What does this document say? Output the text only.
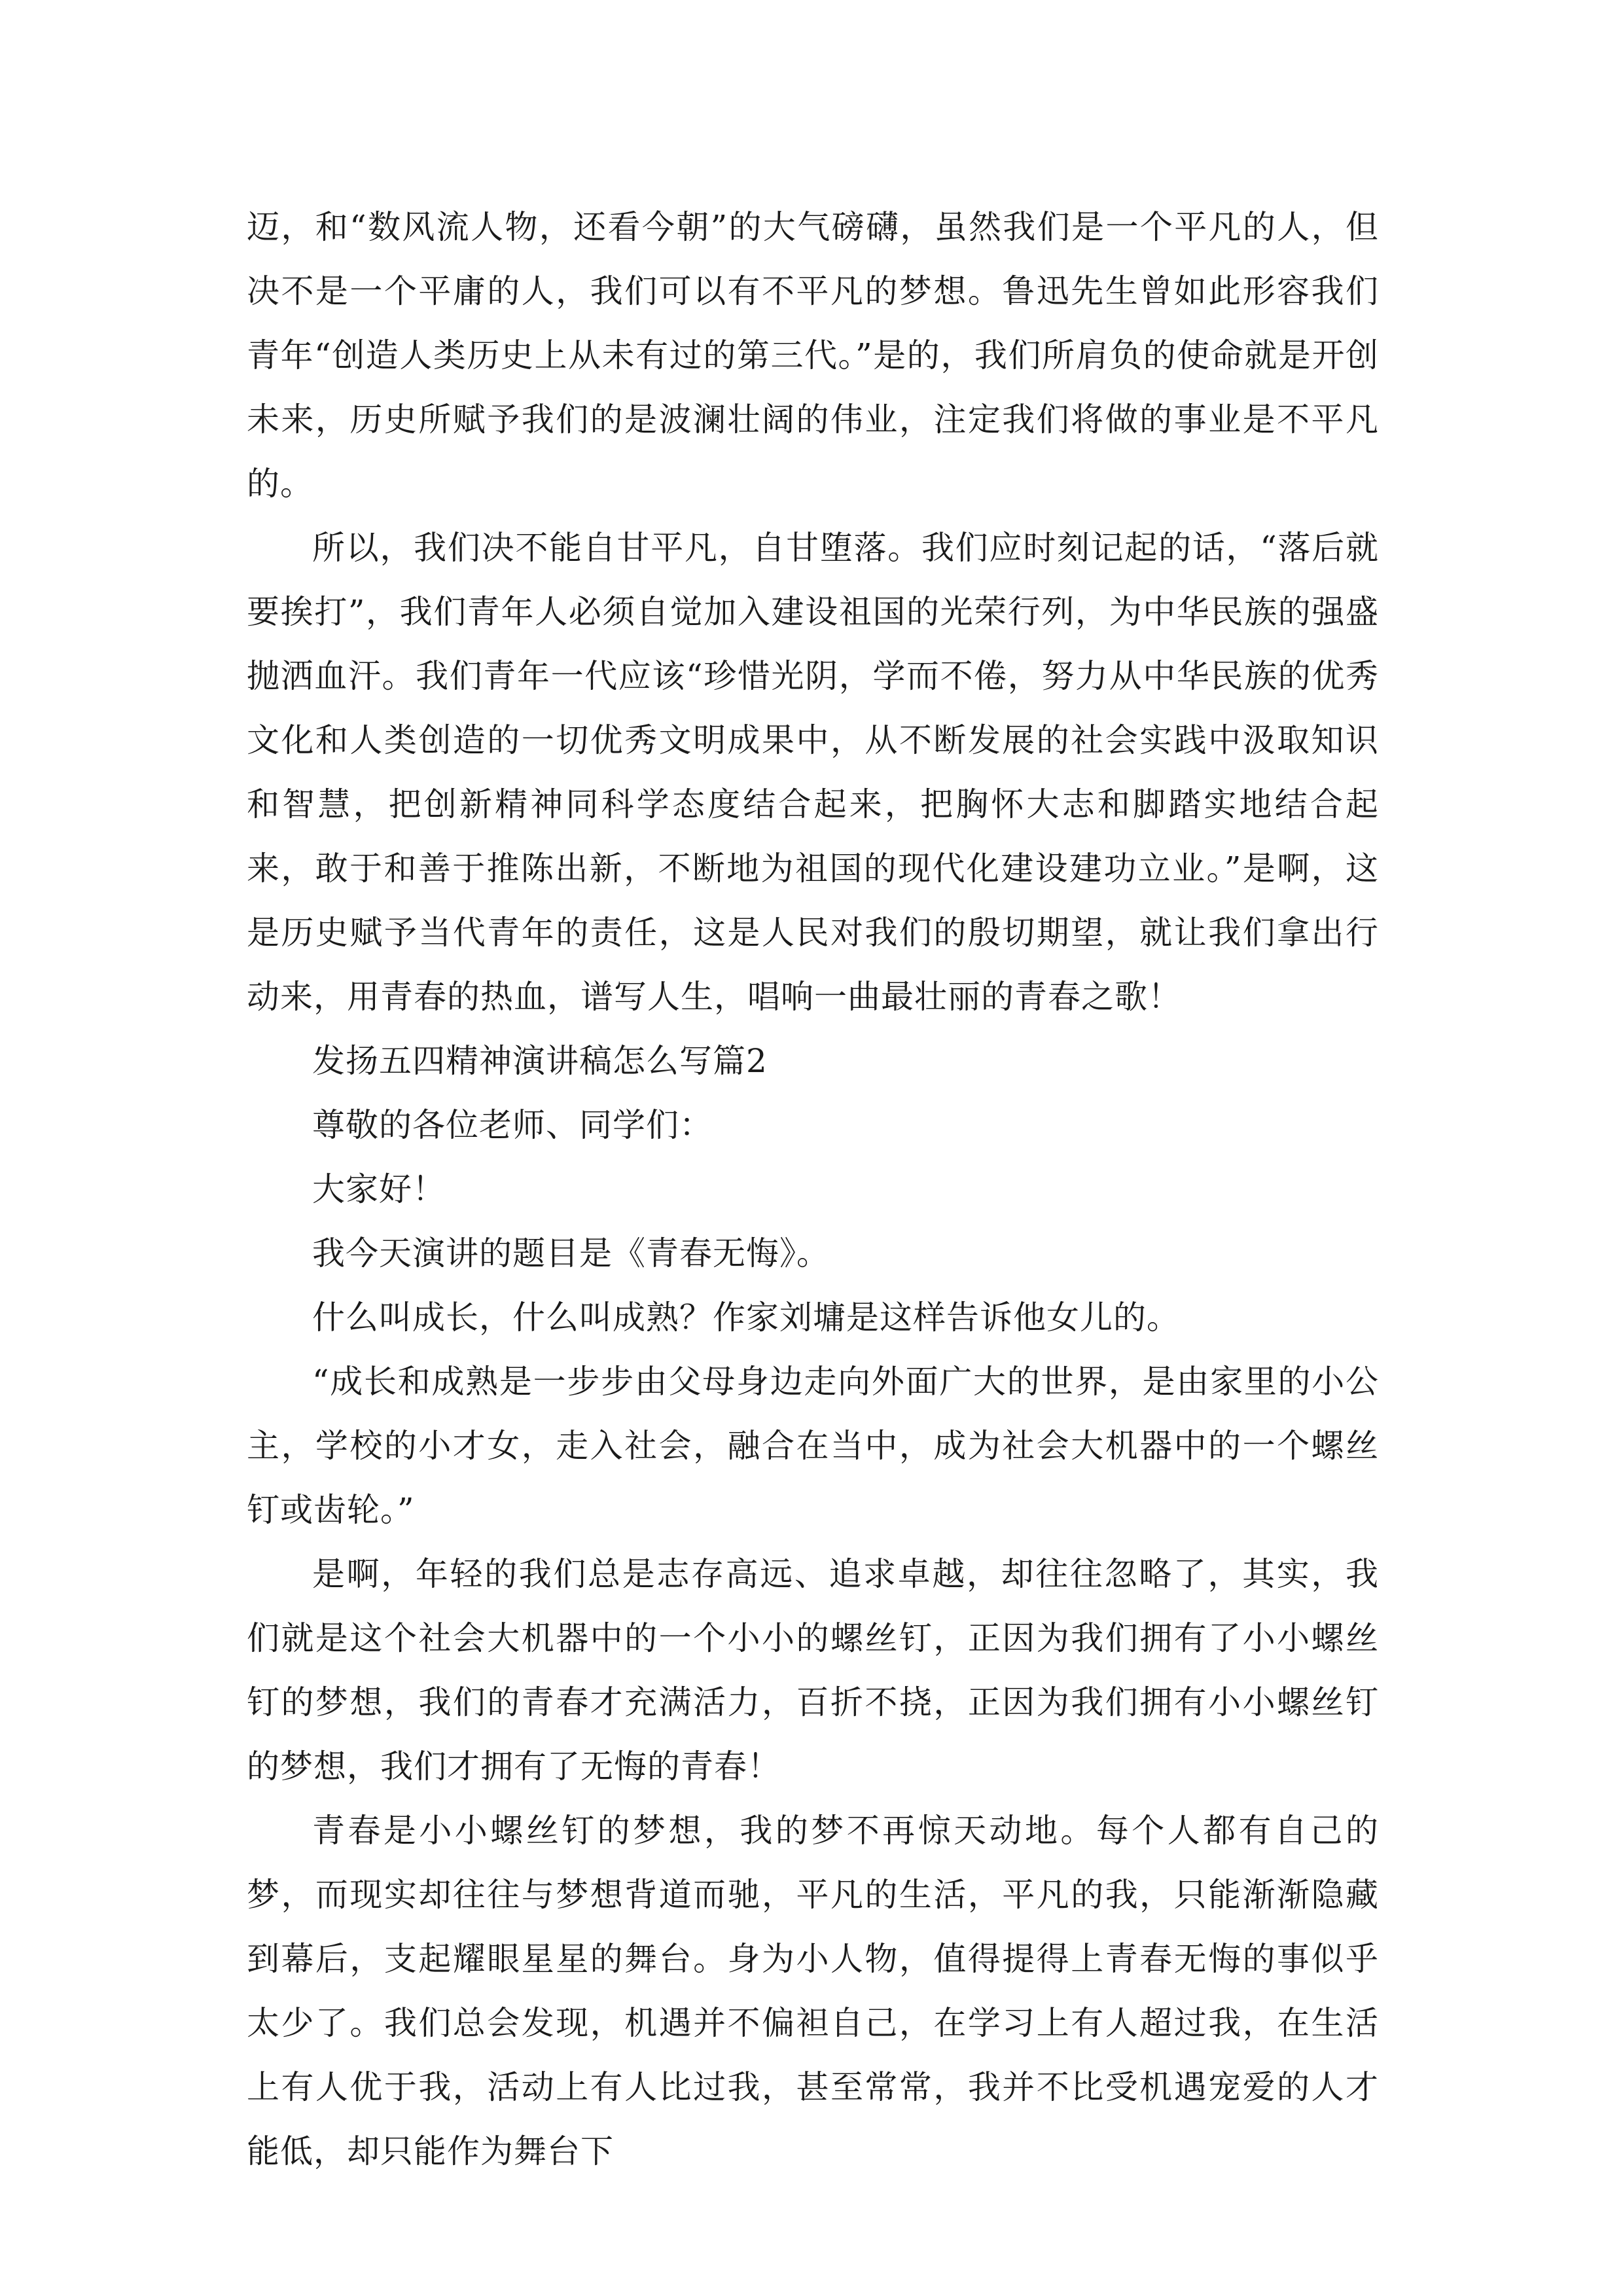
迈，和“数风流人物，还看今朝”的大气磅礴，虽然我们是一个平凡的人，但决不是一个平庸的人，我们可以有不平凡的梦想。鲁迅先生曾如此形容我们青年“创造人类历史上从未有过的第三代。”是的，我们所肩负的使命就是开创未来，历史所赋予我们的是波澜壮阔的伟业，注定我们将做的事业是不平凡的。

所以，我们决不能自甘平凡，自甘堕落。我们应时刻记起的话，“落后就要挨打”，我们青年人必须自觉加入建设祖国的光荣行列，为中华民族的强盛抛洒血汗。我们青年一代应该“珍惜光阴，学而不倦，努力从中华民族的优秀文化和人类创造的一切优秀文明成果中，从不断发展的社会实践中汲取知识和智慧，把创新精神同科学态度结合起来，把胸怀大志和脚踏实地结合起来，敢于和善于推陈出新，不断地为祖国的现代化建设建功立业。”是啊，这是历史赋予当代青年的责任，这是人民对我们的殷切期望，就让我们拿出行动来，用青春的热血，谱写人生，唱响一曲最壮丽的青春之歌！

发扬五四精神演讲稿怎么写篇2

尊敬的各位老师、同学们：

大家好！

我今天演讲的题目是《青春无悔》。

什么叫成长，什么叫成熟？作家刘墉是这样告诉他女儿的。

“成长和成熟是一步步由父母身边走向外面广大的世界，是由家里的小公主，学校的小才女，走入社会，融合在当中，成为社会大机器中的一个螺丝钉或齿轮。”

是啊，年轻的我们总是志存高远、追求卓越，却往往忽略了，其实，我们就是这个社会大机器中的一个小小的螺丝钉，正因为我们拥有了小小螺丝钉的梦想，我们的青春才充满活力，百折不挠，正因为我们拥有小小螺丝钉的梦想，我们才拥有了无悔的青春！

青春是小小螺丝钉的梦想，我的梦不再惊天动地。每个人都有自己的梦，而现实却往往与梦想背道而驰，平凡的生活，平凡的我，只能渐渐隐藏到幕后，支起耀眼星星的舞台。身为小人物，值得提得上青春无悔的事似乎太少了。我们总会发现，机遇并不偏袒自己，在学习上有人超过我，在生活上有人优于我，活动上有人比过我，甚至常常，我并不比受机遇宠爱的人才能低，却只能作为舞台下
